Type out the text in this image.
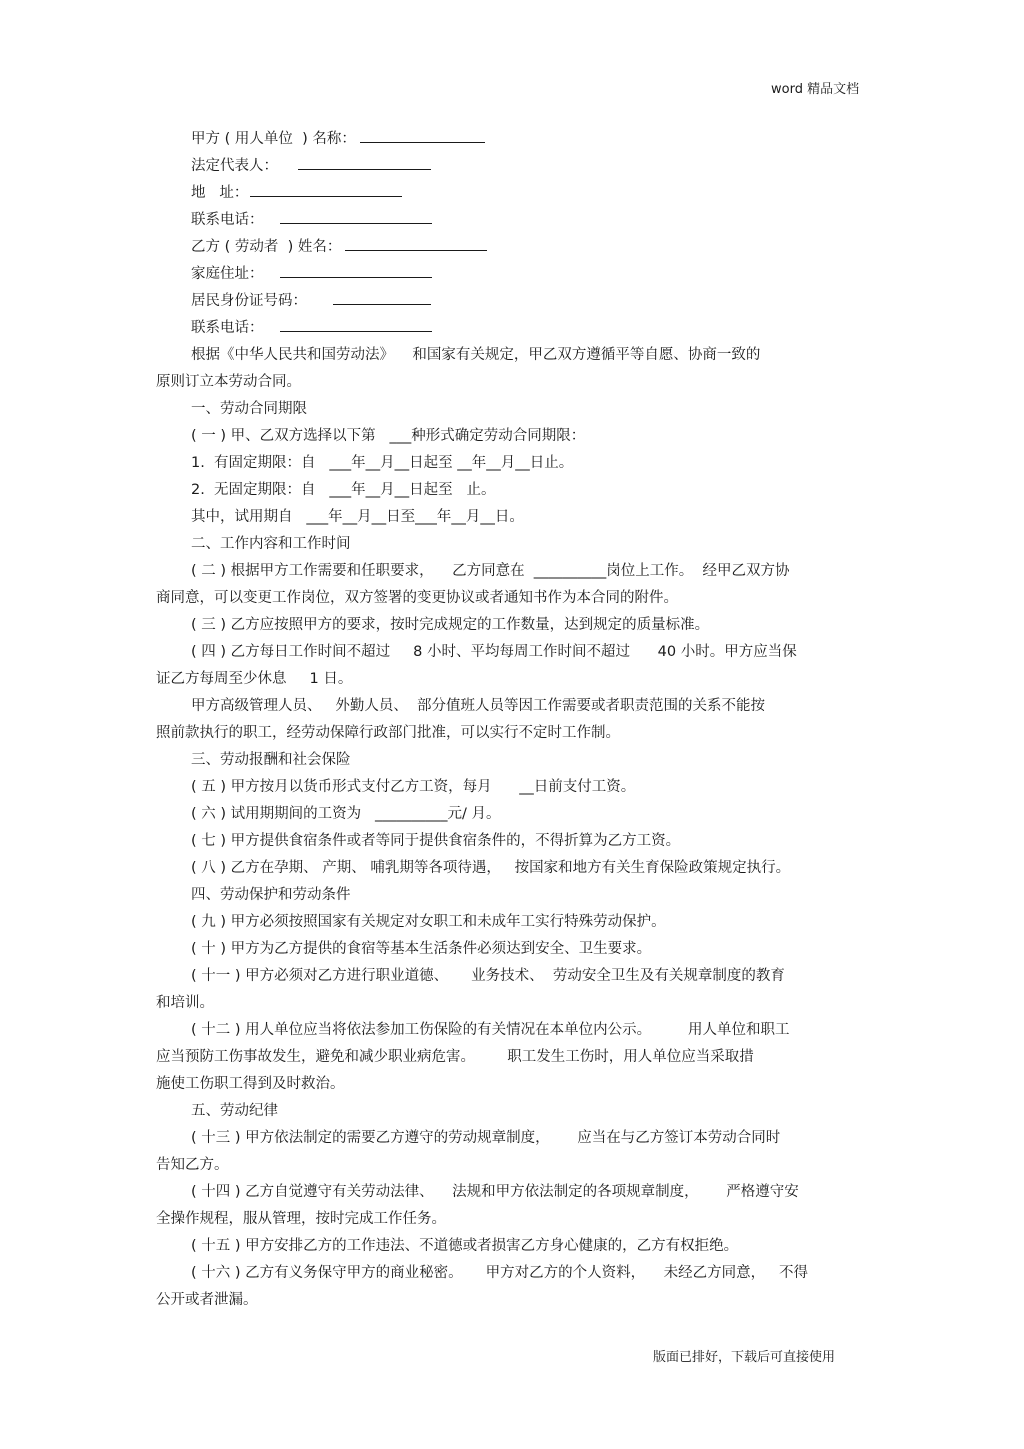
word 精品文档
甲方 ( 用人单位  ) 名称：
法定代表人：
地   址：
联系电话：
乙方 ( 劳动者  ) 姓名：
家庭住址：
居民身份证号码：
联系电话：
根据《中华人民共和国劳动法》    和国家有关规定，甲乙双方遵循平等自愿、协商一致的
原则订立本劳动合同。
一、劳动合同期限
( 一 ) 甲、乙双方选择以下第   ___种形式确定劳动合同期限：
1.  有固定期限：自   ___年__月__日起至 __年__月__日止。
2.  无固定期限：自   ___年__月__日起至   止。
其中，试用期自   ___年__月__日至___年__月__日。
二、工作内容和工作时间
( 二 ) 根据甲方工作需要和任职要求，    乙方同意在  __________岗位上工作。  经甲乙双方协
商同意，可以变更工作岗位，双方签署的变更协议或者通知书作为本合同的附件。
( 三 ) 乙方应按照甲方的要求，按时完成规定的工作数量，达到规定的质量标准。
( 四 ) 乙方每日工作时间不超过     8 小时、平均每周工作时间不超过      40 小时。甲方应当保
证乙方每周至少休息     1 日。
甲方高级管理人员、   外勤人员、  部分值班人员等因工作需要或者职责范围的关系不能按
照前款执行的职工，经劳动保障行政部门批准，可以实行不定时工作制。
三、劳动报酬和社会保险
( 五 ) 甲方按月以货币形式支付乙方工资，每月      __日前支付工资。
( 六 ) 试用期期间的工资为   __________元/ 月。
( 七 ) 甲方提供食宿条件或者等同于提供食宿条件的，不得折算为乙方工资。
( 八 ) 乙方在孕期、 产期、 哺乳期等各项待遇，   按国家和地方有关生育保险政策规定执行。
四、劳动保护和劳动条件
( 九 ) 甲方必须按照国家有关规定对女职工和未成年工实行特殊劳动保护。
( 十 ) 甲方为乙方提供的食宿等基本生活条件必须达到安全、卫生要求。
( 十一 ) 甲方必须对乙方进行职业道德、     业务技术、  劳动安全卫生及有关规章制度的教育
和培训。
( 十二 ) 用人单位应当将依法参加工伤保险的有关情况在本单位内公示。        用人单位和职工
应当预防工伤事故发生，避免和减少职业病危害。       职工发生工伤时，用人单位应当采取措
施使工伤职工得到及时救治。
五、劳动纪律
( 十三 ) 甲方依法制定的需要乙方遵守的劳动规章制度，      应当在与乙方签订本劳动合同时
告知乙方。
( 十四 ) 乙方自觉遵守有关劳动法律、    法规和甲方依法制定的各项规章制度，      严格遵守安
全操作规程，服从管理，按时完成工作任务。
( 十五 ) 甲方安排乙方的工作违法、不道德或者损害乙方身心健康的，乙方有权拒绝。
( 十六 ) 乙方有义务保守甲方的商业秘密。     甲方对乙方的个人资料，    未经乙方同意，   不得
公开或者泄漏。
版面已排好，下载后可直接使用
